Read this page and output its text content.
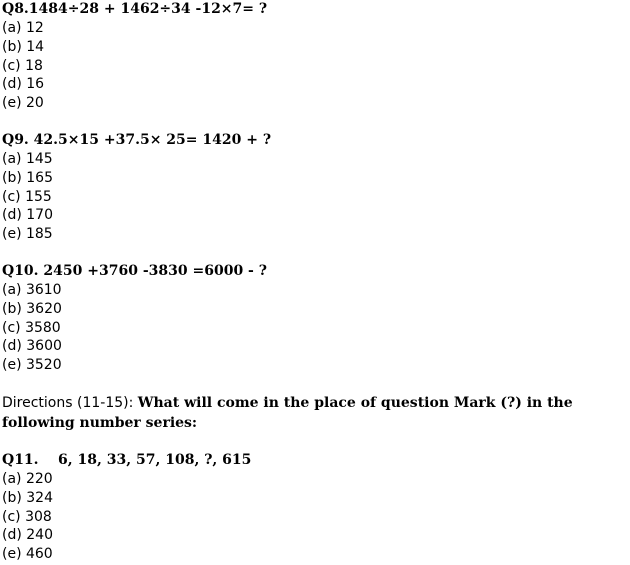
Q8.1484÷28 + 1462÷34 -12×7= ?
(a) 12
(b) 14
(c) 18
(d) 16
(e) 20
Q9. 42.5×15 +37.5× 25= 1420 + ?
(a) 145
(b) 165
(c) 155
(d) 170
(e) 185
Q10. 2450 +3760 -3830 =6000 - ?
(a) 3610
(b) 3620
(c) 3580
(d) 3600
(e) 3520
Directions (11-15): What will come in the place of question Mark (?) in the following number series:
Q11.    6, 18, 33, 57, 108, ?, 615
(a) 220
(b) 324
(c) 308
(d) 240
(e) 460
